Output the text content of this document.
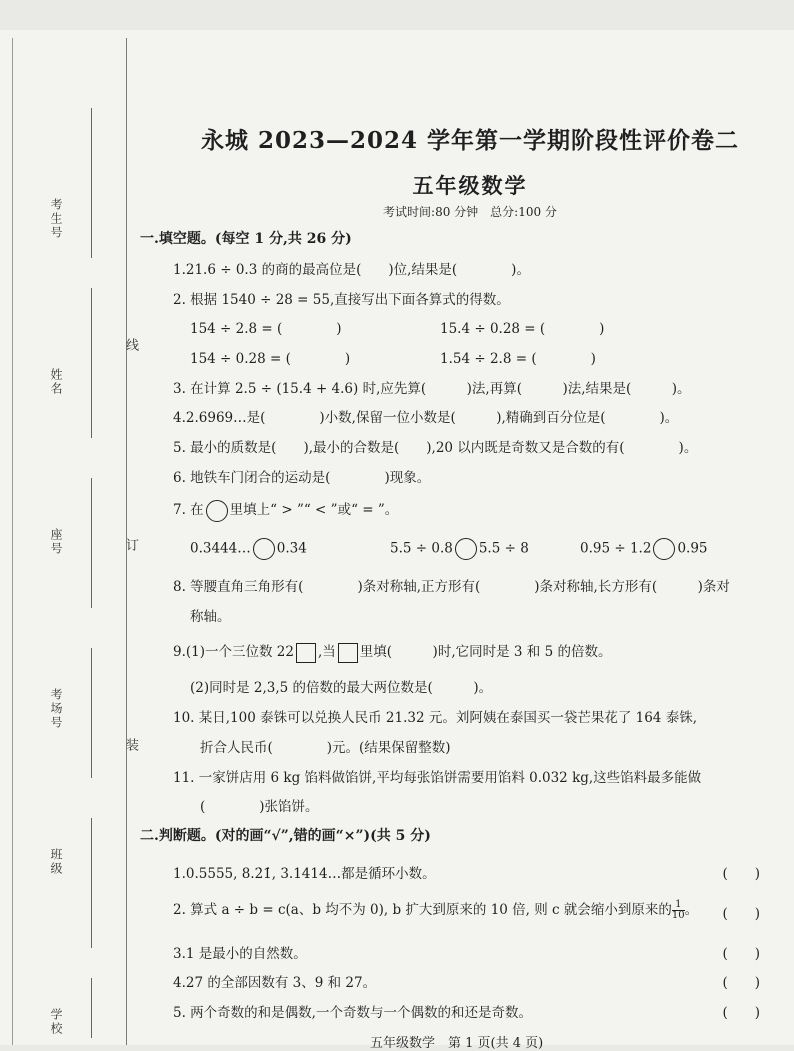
考生号
姓名
座号
考场号
班级
学校
线
订
装
永城 2023—2024 学年第一学期阶段性评价卷二
五年级数学
考试时间:80 分钟　总分:100 分
一.填空题。(每空 1 分,共 26 分)
1.21.6 ÷ 0.3 的商的最高位是(　　)位,结果是(　　　　)。
2. 根据 1540 ÷ 28 = 55,直接写出下面各算式的得数。
154 ÷ 2.8 = (　　　　)	15.4 ÷ 0.28 = (　　　　)
154 ÷ 0.28 = (　　　　)	1.54 ÷ 2.8 = (　　　　)
3. 在计算 2.5 ÷ (15.4 + 4.6) 时,应先算(　　　)法,再算(　　　)法,结果是(　　　)。
4.2.6969…是(　　　　)小数,保留一位小数是(　　　),精确到百分位是(　　　　)。
5. 最小的质数是(　　),最小的合数是(　　),20 以内既是奇数又是合数的有(　　　　)。
6. 地铁车门闭合的运动是(　　　　)现象。
7. 在 里填上“ > ”“ < ”或“ = ”。
0.3444… 0.3̇4̇	5.5 ÷ 0.8 5.5 ÷ 8	0.95 ÷ 1.2 0.95
8. 等腰直角三角形有(　　　　)条对称轴,正方形有(　　　　)条对称轴,长方形有(　　　)条对
称轴。
9.(1)一个三位数 22 ,当 里填(　　　)时,它同时是 3 和 5 的倍数。
(2)同时是 2,3,5 的倍数的最大两位数是(　　　)。
10. 某日,100 泰铢可以兑换人民币 21.32 元。刘阿姨在泰国买一袋芒果花了 164 泰铢,
折合人民币(　　　　)元。(结果保留整数)
11. 一家饼店用 6 kg 馅料做馅饼,平均每张馅饼需要用馅料 0.032 kg,这些馅料最多能做
(　　　　)张馅饼。
二.判断题。(对的画“√”,错的画“×”)(共 5 分)
1.0.5555, 8.2̇1̇, 3.1414…都是循环小数。	(　　)
2. 算式 a ÷ b = c(a、b 均不为 0), b 扩大到原来的 10 倍, 则 c 就会缩小到原来的 $\frac{1}{10}$ 。 (　　)
3.1 是最小的自然数。	(　　)
4.27 的全部因数有 3、9 和 27。	(　　)
5. 两个奇数的和是偶数,一个奇数与一个偶数的和还是奇数。	(　　)
五年级数学　第 1 页(共 4 页)
